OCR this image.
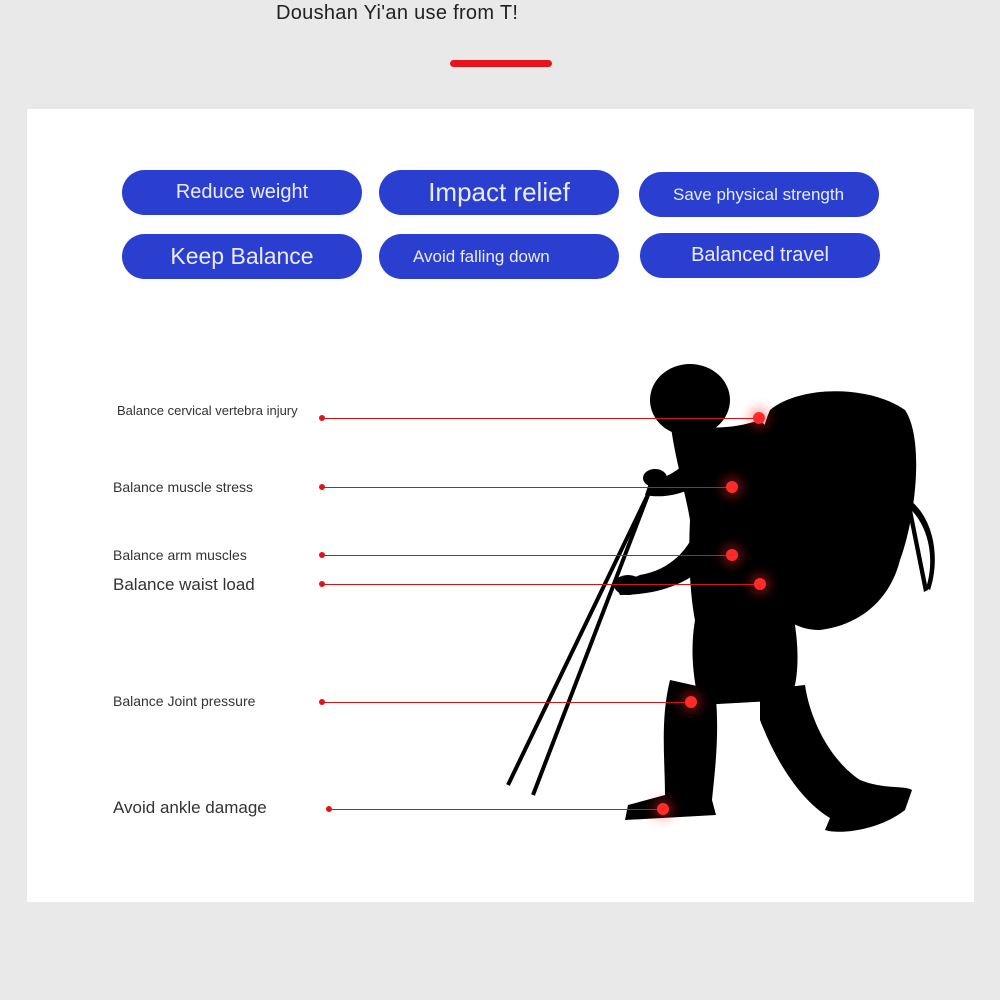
Doushan Yi'an use from T!
Reduce weight	Impact relief	Save physical strength
Keep Balance	Avoid falling down	Balanced travel
Balance cervical vertebra injury
Balance muscle stress
Balance arm muscles
Balance waist load
Balance Joint pressure
Avoid ankle damage
